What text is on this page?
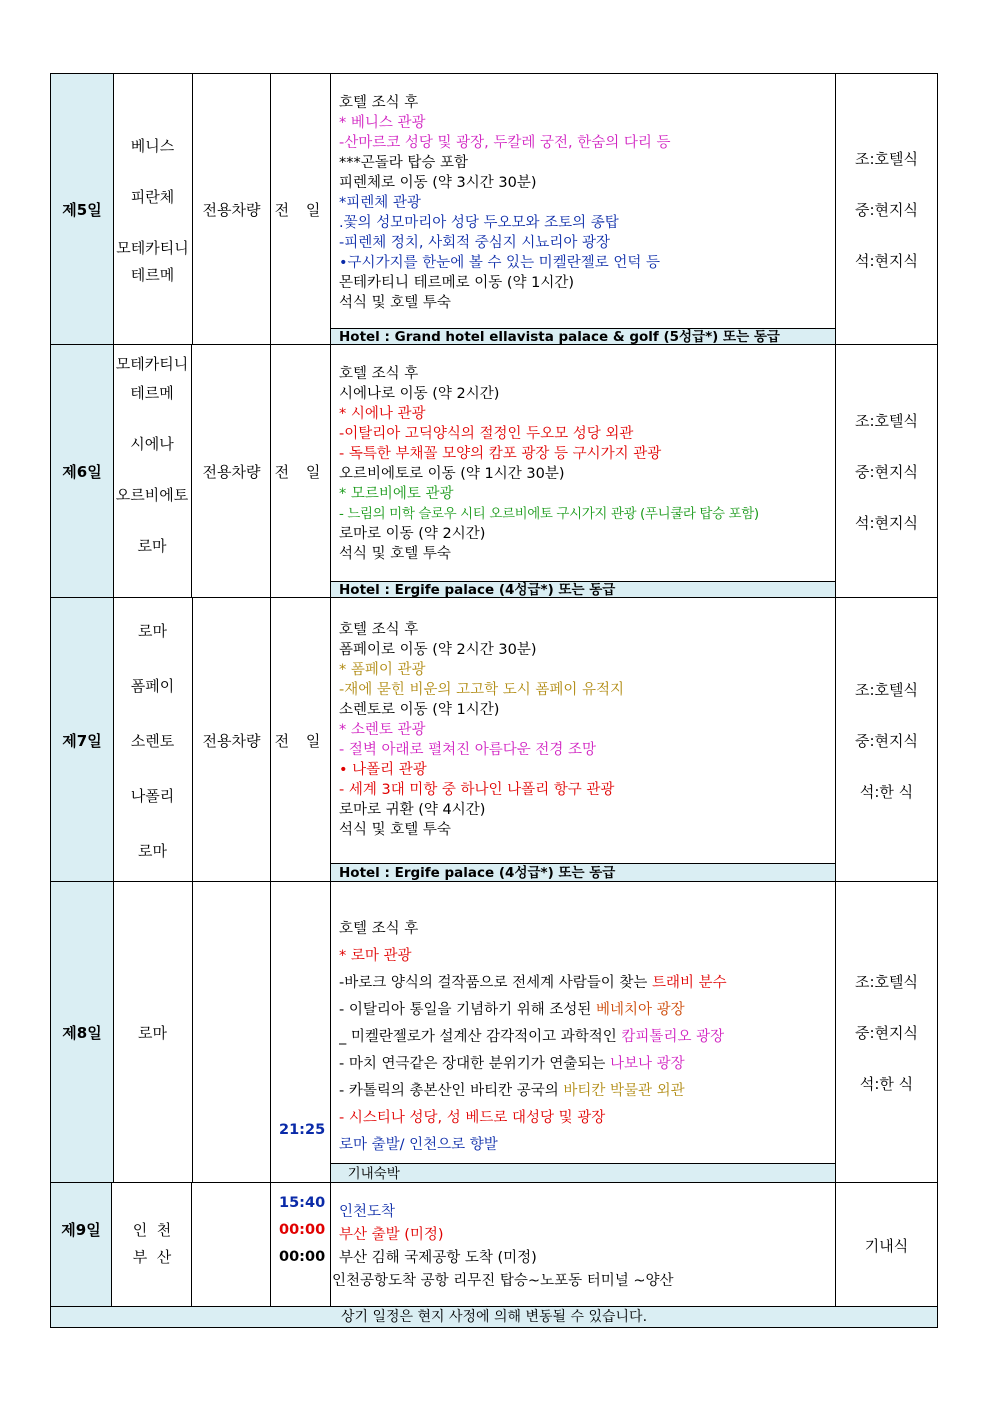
제5일
베니스
피란체
모테카티니
테르메
전용차량 전 일
호텔 조식 후
* 베니스 관광
-산마르코 성당 및 광장, 두칼레 궁전, 한숨의 다리 등
***곤돌라 탑승 포함
피렌체로 이동 (약 3시간 30분)
*피렌체 관광
.꽃의 성모마리아 성당 두오모와 조토의 종탑
-피렌체 정치, 사회적 중심지 시뇨리아 광장
•구시가지를 한눈에 볼 수 있는 미켈란젤로 언덕 등
몬테카티니 테르메로 이동 (약 1시간)
석식 및 호텔 투숙
Hotel : Grand hotel ellavista palace & golf (5성급*) 또는 동급
조:호텔식
중:현지식
석:현지식
제6일
모테카티니
테르메
시에나
오르비에토
로마
전용차량 전 일
호텔 조식 후
시에나로 이동 (약 2시간)
* 시에나 관광
-이탈리아 고딕양식의 절정인 두오모 성당 외관
- 독특한 부채꼴 모양의 캄포 광장 등 구시가지 관광
오르비에토로 이동 (약 1시간 30분)
* 모르비에토 관광
- 느림의 미학 슬로우 시티 오르비에토 구시가지 관광 (푸니쿨라 탑승 포함)
로마로 이동 (약 2시간)
석식 및 호텔 투숙
Hotel : Ergife palace (4성급*) 또는 동급
조:호텔식
중:현지식
석:현지식
제7일
로마
폼페이
소렌토
나폴리
로마
전용차량 전 일
호텔 조식 후
폼페이로 이동 (약 2시간 30분)
* 폼페이 관광
-재에 묻힌 비운의 고고학 도시 폼페이 유적지
소렌토로 이동 (약 1시간)
* 소렌토 관광
- 절벽 아래로 펼쳐진 아름다운 전경 조망
• 나폴리 관광
- 세계 3대 미항 중 하나인 나폴리 항구 관광
로마로 귀환 (약 4시간)
석식 및 호텔 투숙
Hotel : Ergife palace (4성급*) 또는 동급
조:호텔식
중:현지식
석:한 식
제8일	로마
21:25
호텔 조식 후
* 로마 관광
-바로크 양식의 걸작품으로 전세계 사람들이 찾는 트래비 분수
- 이탈리아 통일을 기념하기 위해 조성된 베네치아 광장
_ 미켈란젤로가 설계산 감각적이고 과학적인 캄피톨리오 광장
- 마치 연극같은 장대한 분위기가 연출되는 나보나 광장
- 카톨릭의 총본산인 바티칸 공국의 바티칸 박물관 외관
- 시스티나 성당, 성 베드로 대성당 및 광장
로마 출발/ 인천으로 향발
기내숙박
조:호텔식
중:현지식
석:한 식
제9일	인  천
부  산
15:40
00:00
00:00
인천도착
부산 출발 (미정)
부산 김해 국제공항 도착 (미정)
인천공항도착 공항 리무진 탑승~노포동 터미널 ~양산
기내식
상기 일정은 현지 사정에 의해 변동될 수 있습니다.
